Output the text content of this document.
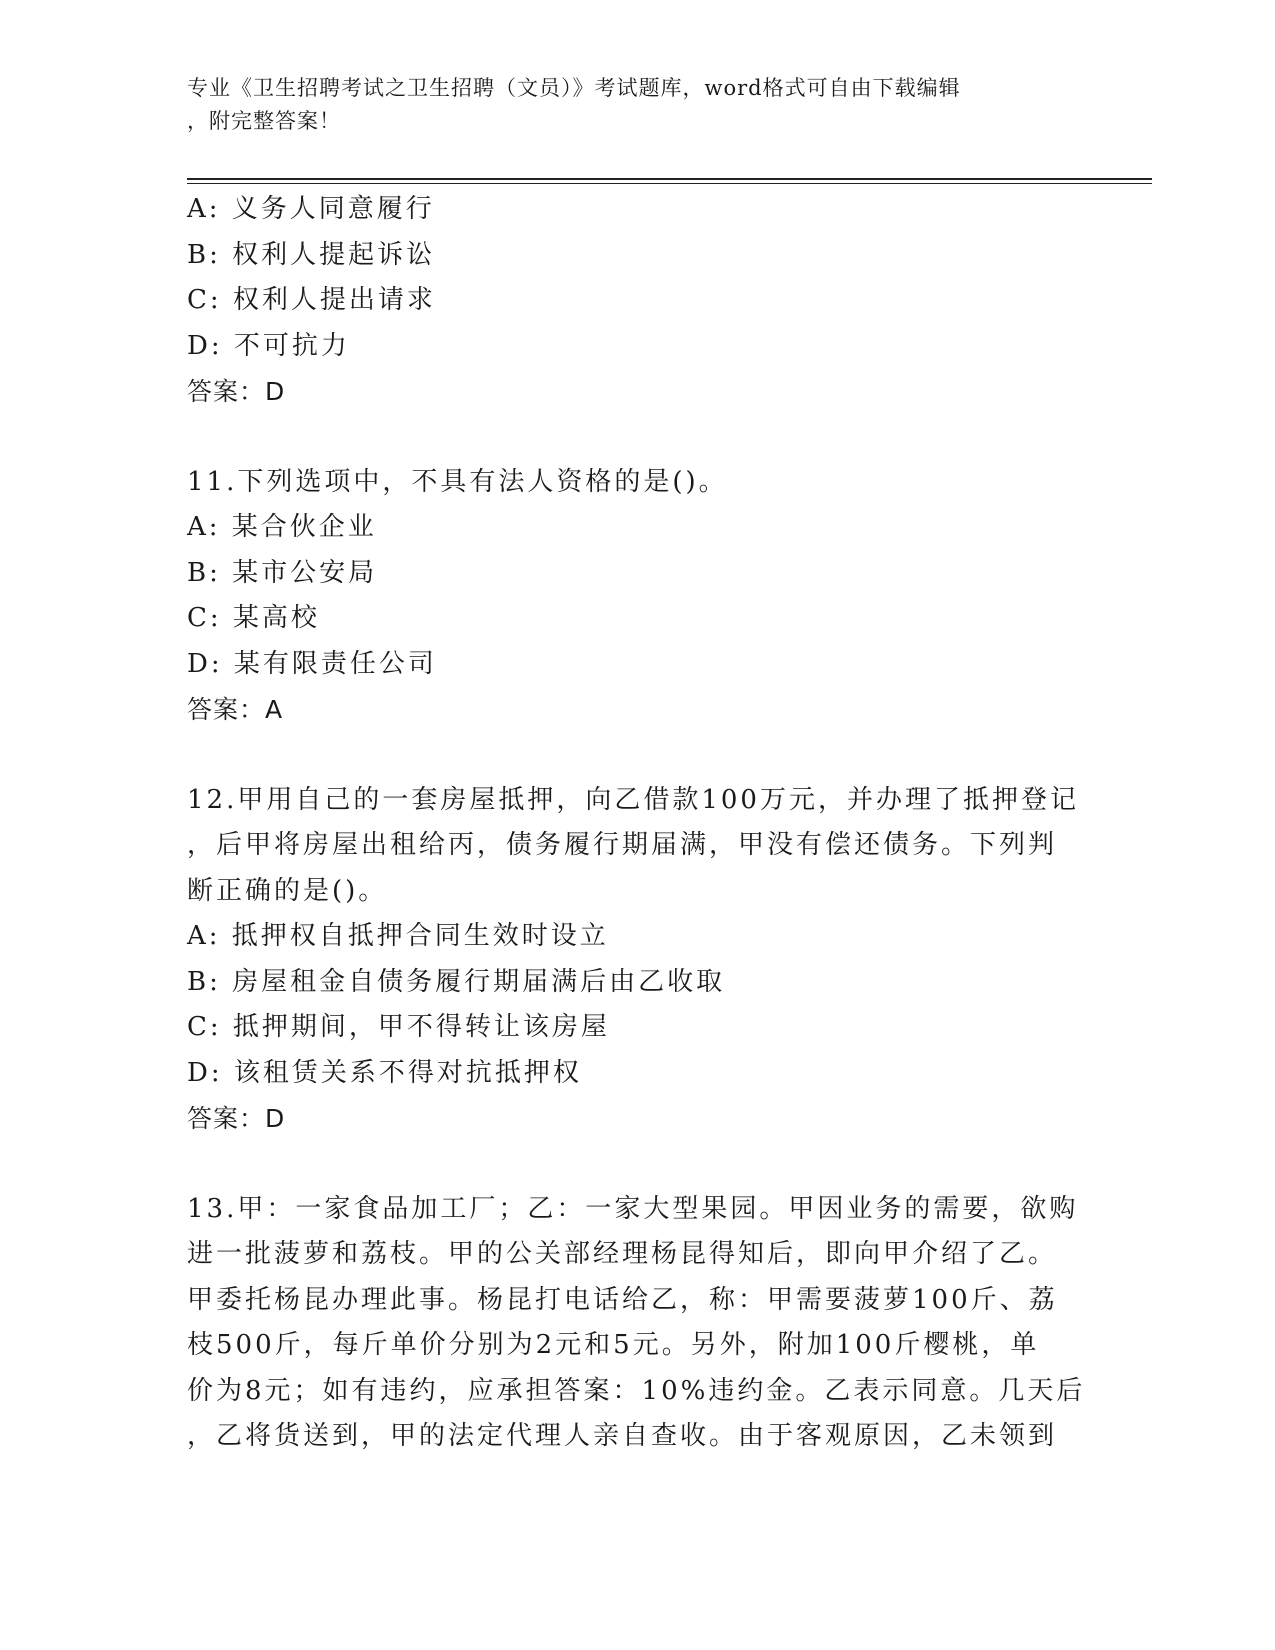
专业《卫生招聘考试之卫生招聘（文员）》考试题库，word格式可自由下载编辑
，附完整答案！
A: 义务人同意履行
B: 权利人提起诉讼
C: 权利人提出请求
D: 不可抗力
答案：D
11.下列选项中，不具有法人资格的是()。
A: 某合伙企业
B: 某市公安局
C: 某高校
D: 某有限责任公司
答案：A
12.甲用自己的一套房屋抵押，向乙借款100万元，并办理了抵押登记
，后甲将房屋出租给丙，债务履行期届满，甲没有偿还债务。下列判
断正确的是()。
A: 抵押权自抵押合同生效时设立
B: 房屋租金自债务履行期届满后由乙收取
C: 抵押期间，甲不得转让该房屋
D: 该租赁关系不得对抗抵押权
答案：D
13.甲：一家食品加工厂；乙：一家大型果园。甲因业务的需要，欲购
进一批菠萝和荔枝。甲的公关部经理杨昆得知后，即向甲介绍了乙。
甲委托杨昆办理此事。杨昆打电话给乙，称：甲需要菠萝100斤、荔
枝500斤，每斤单价分别为2元和5元。另外，附加100斤樱桃，单
价为8元；如有违约，应承担答案：10%违约金。乙表示同意。几天后
，乙将货送到，甲的法定代理人亲自查收。由于客观原因，乙未领到
